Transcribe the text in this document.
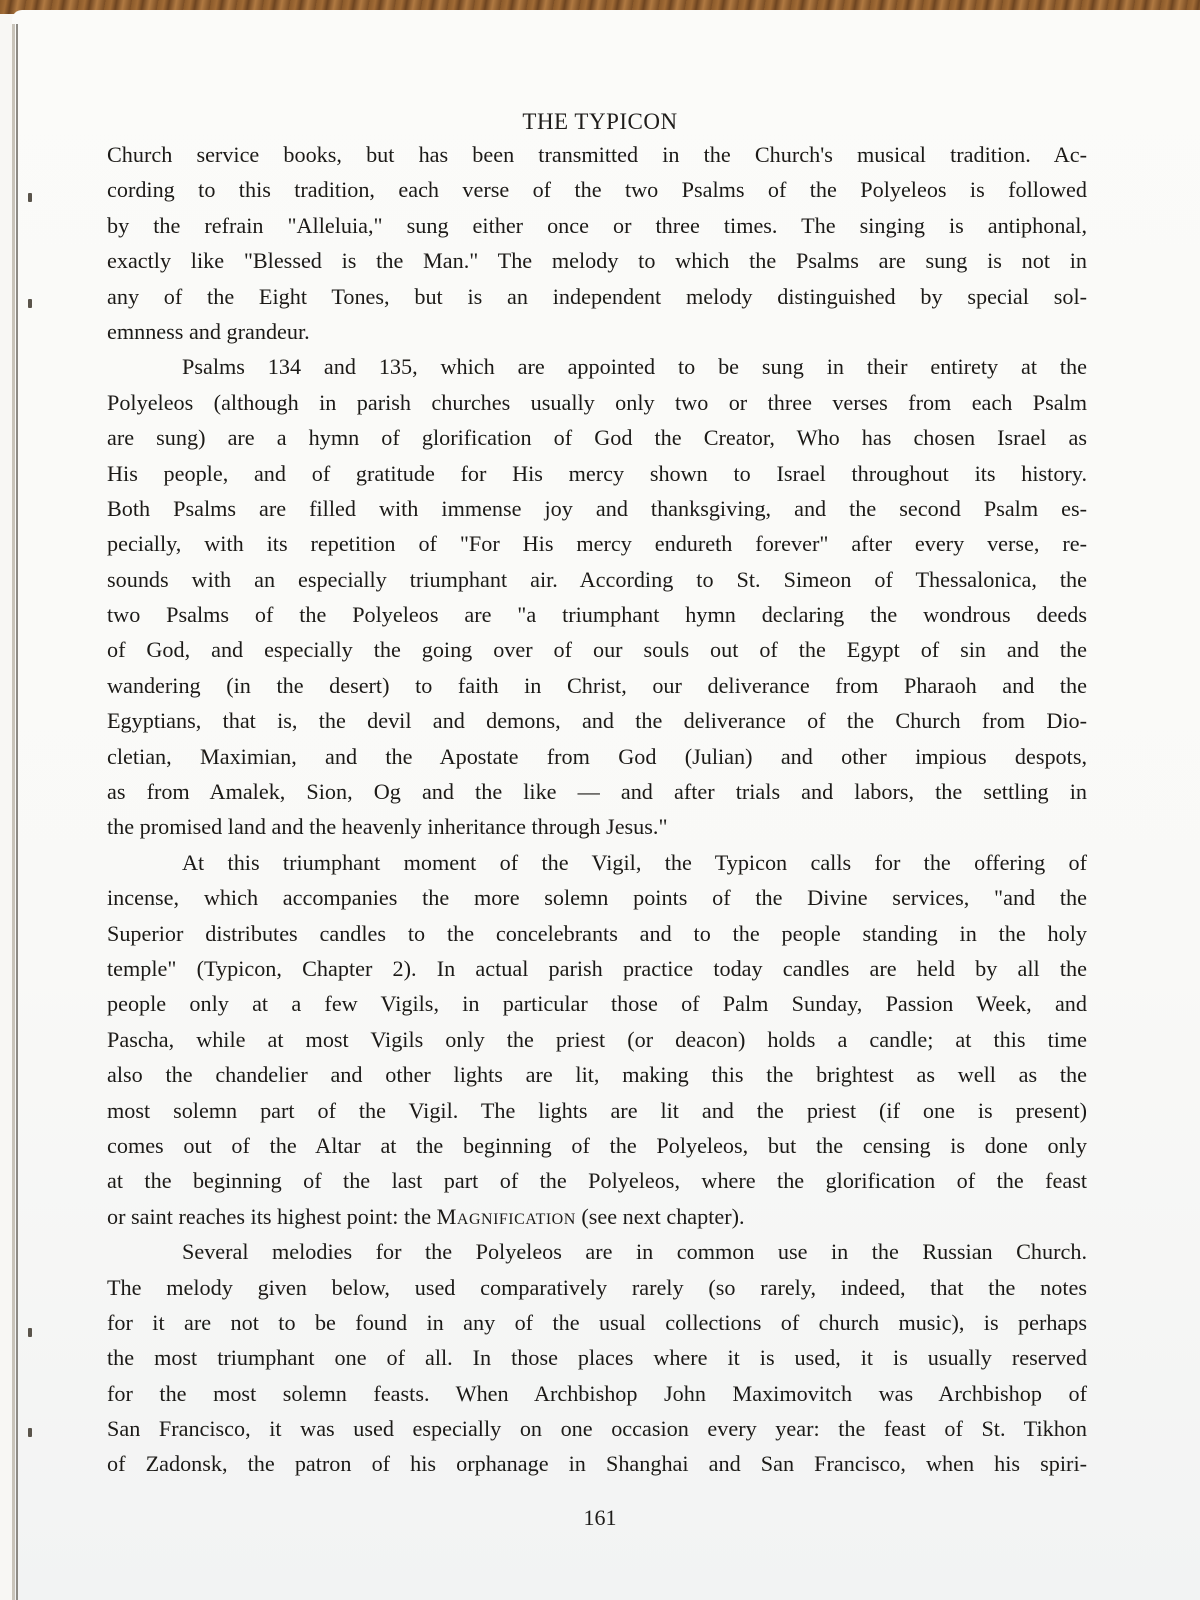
THE TYPICON
Church service books, but has been transmitted in the Church's musical tradition. Ac-
cording to this tradition, each verse of the two Psalms of the Polyeleos is followed
by the refrain "Alleluia," sung either once or three times. The singing is antiphonal,
exactly like "Blessed is the Man." The melody to which the Psalms are sung is not in
any of the Eight Tones, but is an independent melody distinguished by special sol-
emnness and grandeur.
Psalms 134 and 135, which are appointed to be sung in their entirety at the
Polyeleos (although in parish churches usually only two or three verses from each Psalm
are sung) are a hymn of glorification of God the Creator, Who has chosen Israel as
His people, and of gratitude for His mercy shown to Israel throughout its history.
Both Psalms are filled with immense joy and thanksgiving, and the second Psalm es-
pecially, with its repetition of "For His mercy endureth forever" after every verse, re-
sounds with an especially triumphant air. According to St. Simeon of Thessalonica, the
two Psalms of the Polyeleos are "a triumphant hymn declaring the wondrous deeds
of God, and especially the going over of our souls out of the Egypt of sin and the
wandering (in the desert) to faith in Christ, our deliverance from Pharaoh and the
Egyptians, that is, the devil and demons, and the deliverance of the Church from Dio-
cletian, Maximian, and the Apostate from God (Julian) and other impious despots,
as from Amalek, Sion, Og and the like — and after trials and labors, the settling in
the promised land and the heavenly inheritance through Jesus."
At this triumphant moment of the Vigil, the Typicon calls for the offering of
incense, which accompanies the more solemn points of the Divine services, "and the
Superior distributes candles to the concelebrants and to the people standing in the holy
temple" (Typicon, Chapter 2). In actual parish practice today candles are held by all the
people only at a few Vigils, in particular those of Palm Sunday, Passion Week, and
Pascha, while at most Vigils only the priest (or deacon) holds a candle; at this time
also the chandelier and other lights are lit, making this the brightest as well as the
most solemn part of the Vigil. The lights are lit and the priest (if one is present)
comes out of the Altar at the beginning of the Polyeleos, but the censing is done only
at the beginning of the last part of the Polyeleos, where the glorification of the feast
or saint reaches its highest point: the Magnification (see next chapter).
Several melodies for the Polyeleos are in common use in the Russian Church.
The melody given below, used comparatively rarely (so rarely, indeed, that the notes
for it are not to be found in any of the usual collections of church music), is perhaps
the most triumphant one of all. In those places where it is used, it is usually reserved
for the most solemn feasts. When Archbishop John Maximovitch was Archbishop of
San Francisco, it was used especially on one occasion every year: the feast of St. Tikhon
of Zadonsk, the patron of his orphanage in Shanghai and San Francisco, when his spiri-
161
